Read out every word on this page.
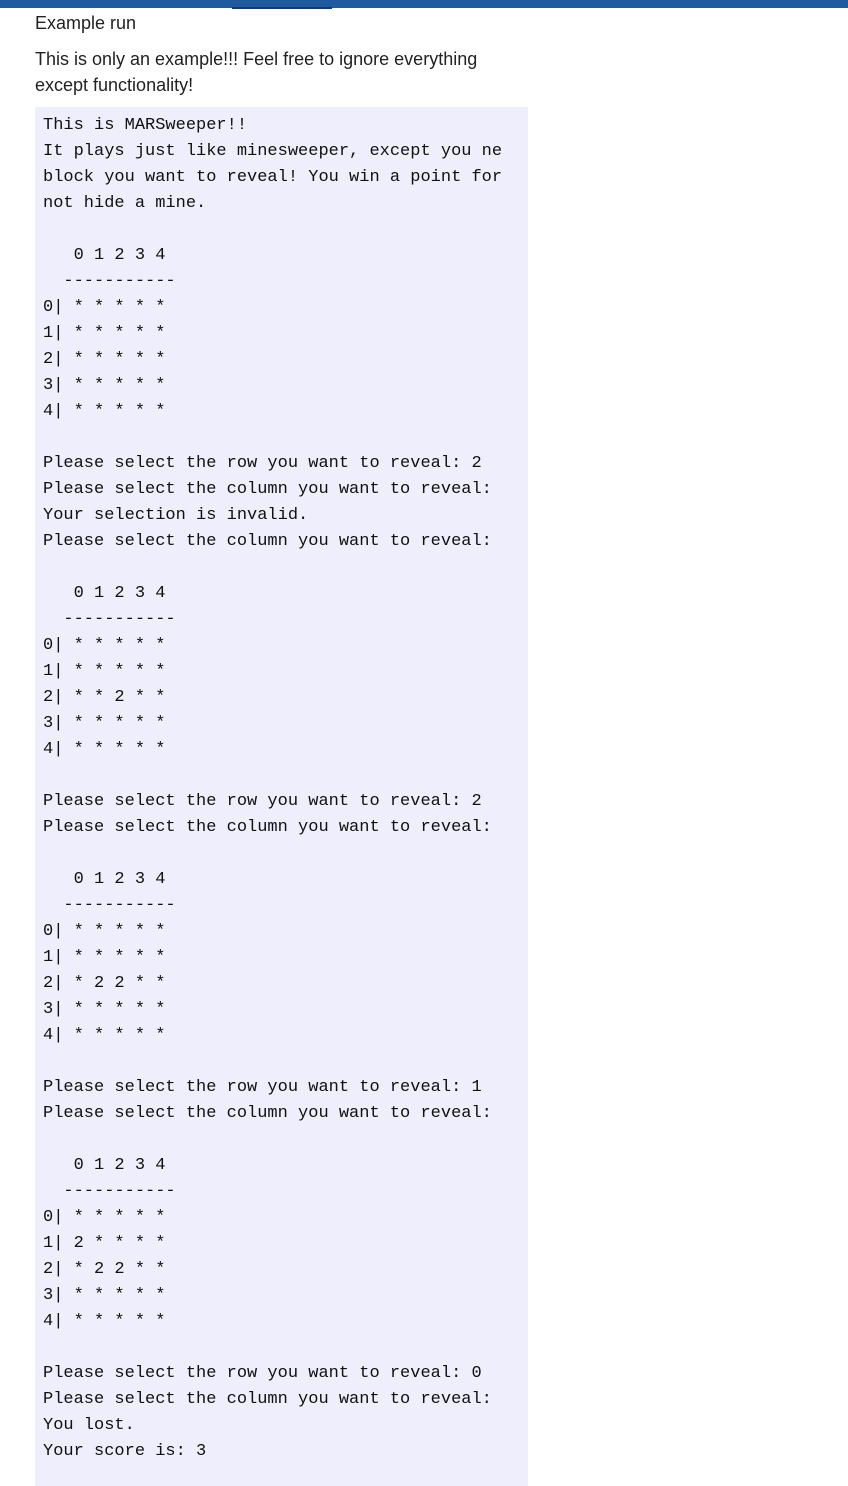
Example run
This is only an example!!! Feel free to ignore everything except functionality!
This is MARSweeper!!
It plays just like minesweeper, except you ne
block you want to reveal! You win a point for
not hide a mine.
0 1 2 3 4
-----------
0| * * * * *
1| * * * * *
2| * * * * *
3| * * * * *
4| * * * * *
Please select the row you want to reveal: 2
Please select the column you want to reveal:
Your selection is invalid.
Please select the column you want to reveal:
0 1 2 3 4
-----------
0| * * * * *
1| * * * * *
2| * * 2 * *
3| * * * * *
4| * * * * *
Please select the row you want to reveal: 2
Please select the column you want to reveal:
0 1 2 3 4
-----------
0| * * * * *
1| * * * * *
2| * 2 2 * *
3| * * * * *
4| * * * * *
Please select the row you want to reveal: 1
Please select the column you want to reveal:
0 1 2 3 4
-----------
0| * * * * *
1| 2 * * * *
2| * 2 2 * *
3| * * * * *
4| * * * * *
Please select the row you want to reveal: 0
Please select the column you want to reveal:
You lost.
Your score is: 3
